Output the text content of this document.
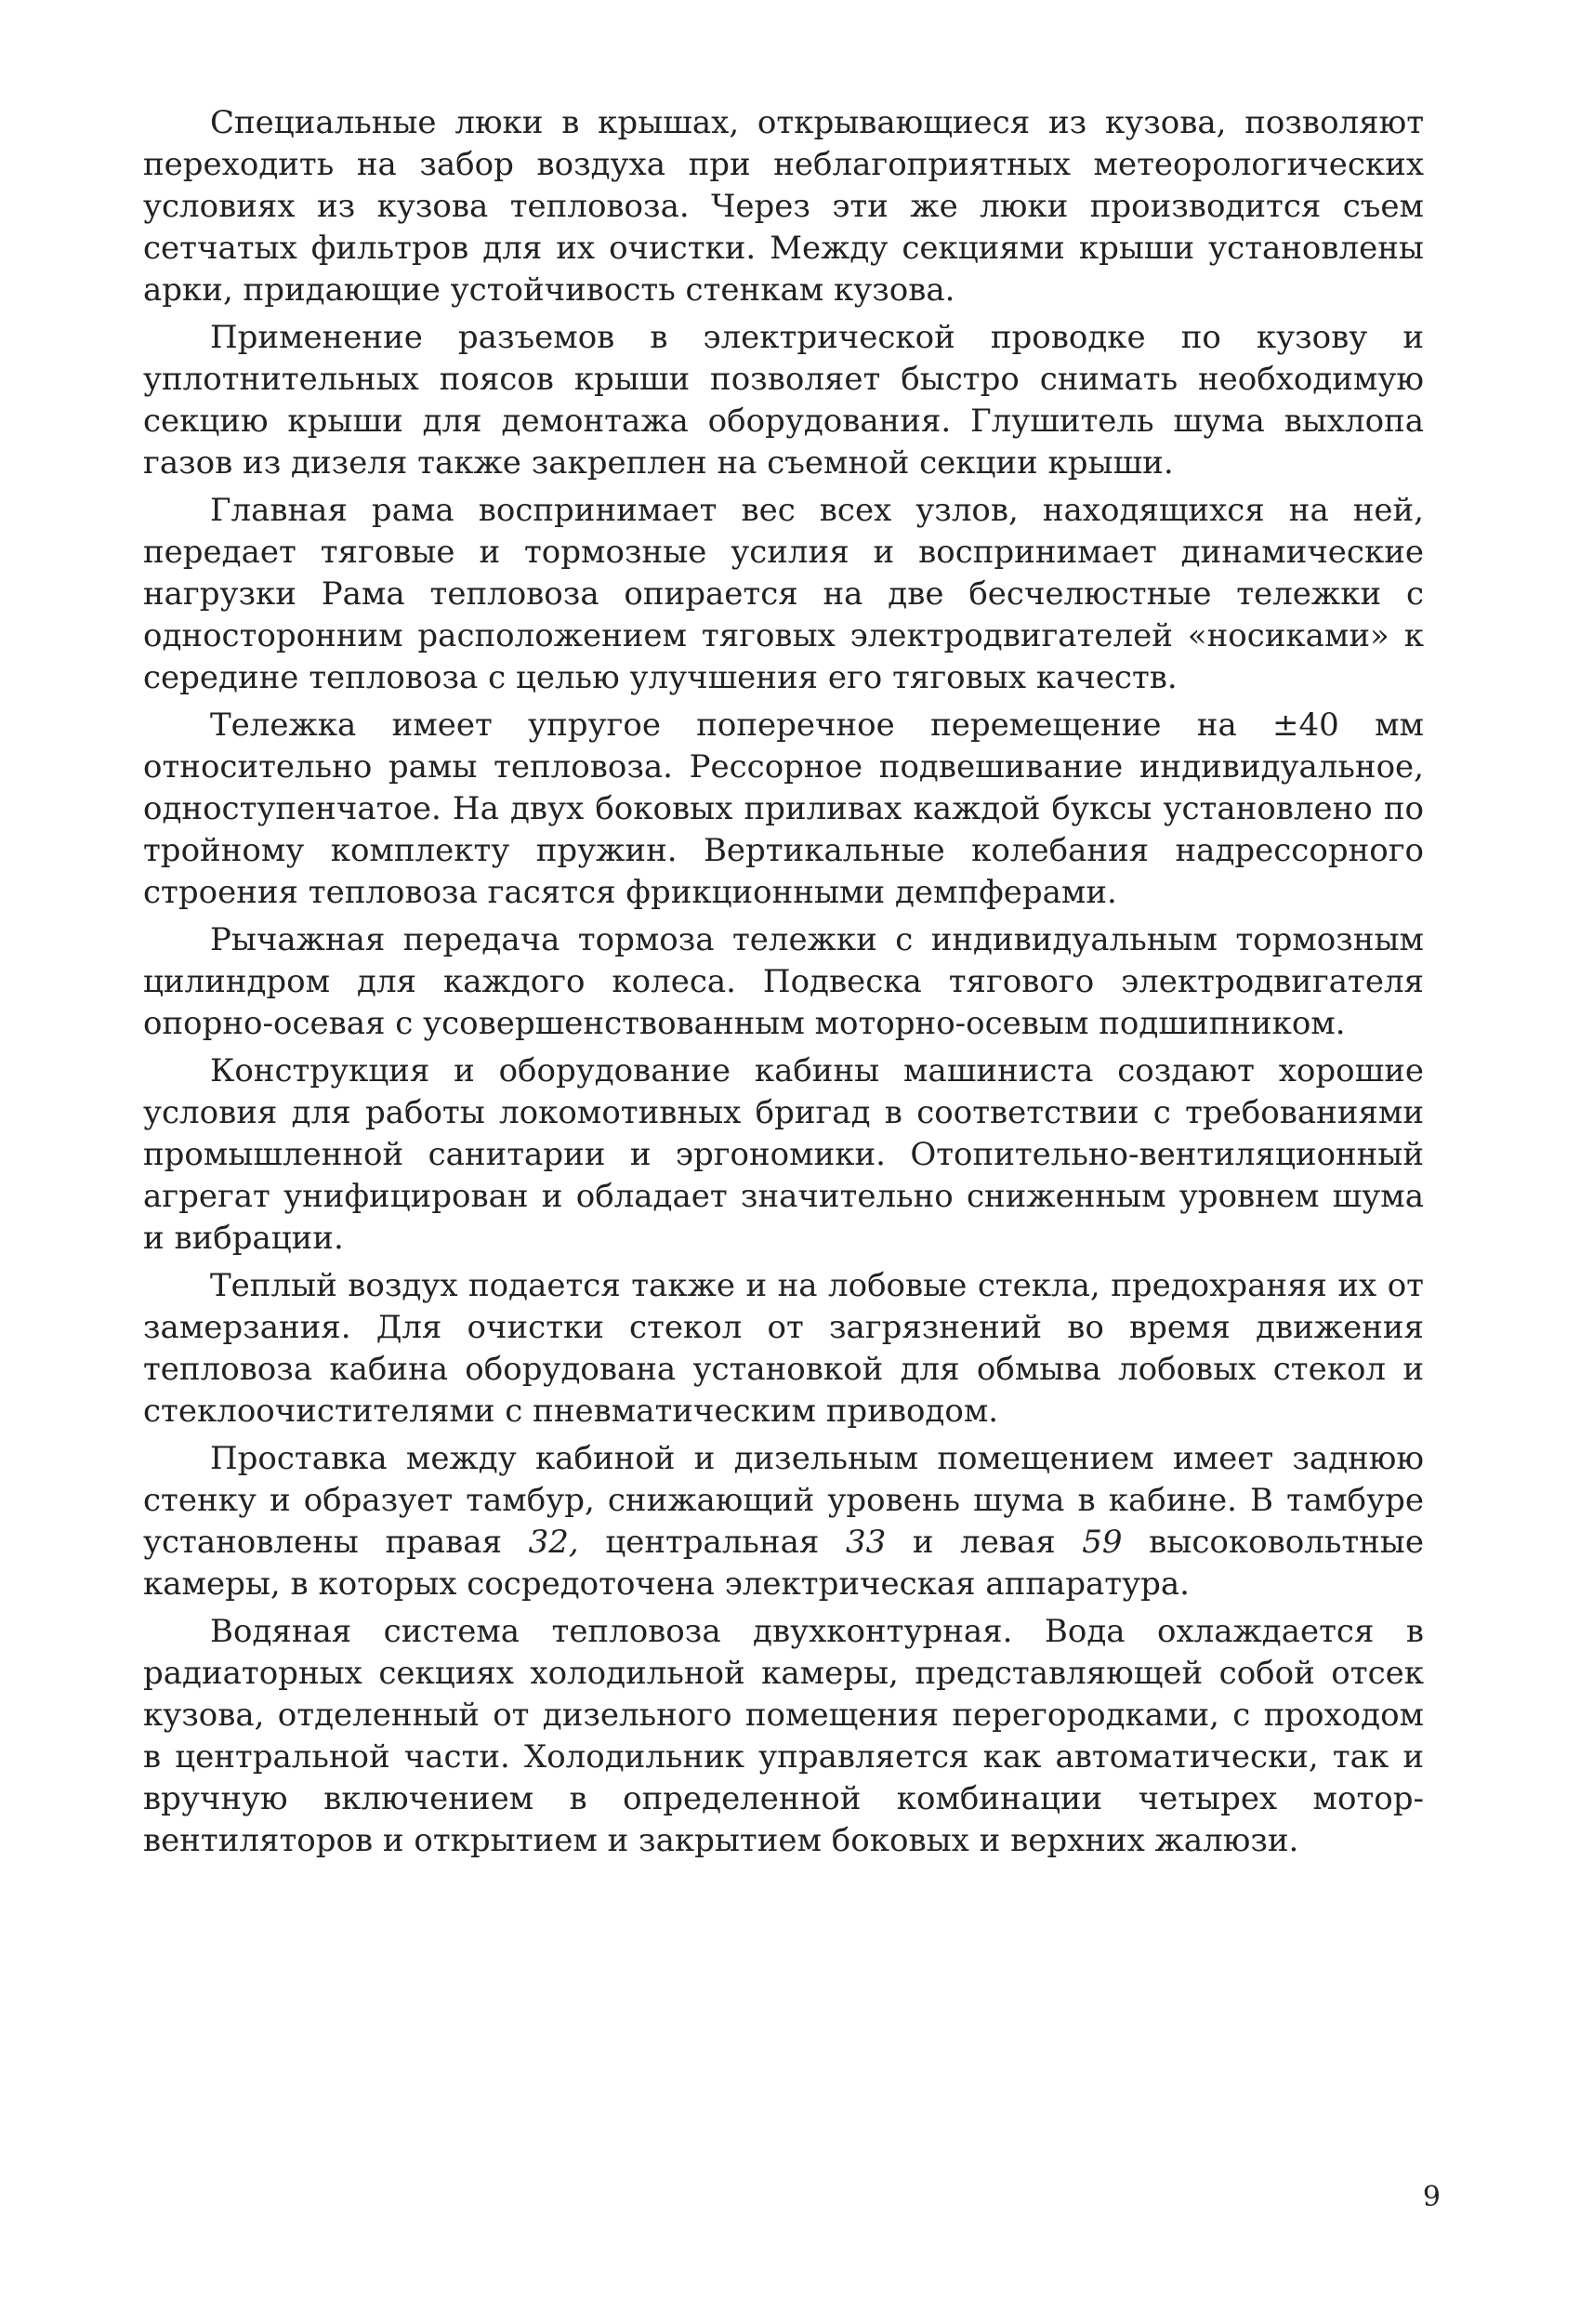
Специальные люки в крышах, открывающиеся из кузова, позволяют переходить на забор воздуха при неблагоприятных метеорологических условиях из кузова тепловоза. Через эти же люки производится съем сетчатых фильтров для их очистки. Между секциями крыши установлены арки, придающие устойчивость стенкам кузова.

Применение разъемов в электрической проводке по кузову и уплотнительных поясов крыши позволяет быстро снимать необходимую секцию крыши для демонтажа оборудования. Глушитель шума выхлопа газов из дизеля также закреплен на съемной секции крыши.

Главная рама воспринимает вес всех узлов, находящихся на ней, передает тяговые и тормозные усилия и воспринимает динамические нагрузки Рама тепловоза опирается на две бесчелюстные тележки с односторонним расположением тяговых электродвигателей «носиками» к середине тепловоза с целью улучшения его тяговых качеств.

Тележка имеет упругое поперечное перемещение на ±40 мм относительно рамы тепловоза. Рессорное подвешивание индивидуальное, одноступенчатое. На двух боковых приливах каждой буксы установлено по тройному комплекту пружин. Вертикальные колебания надрессорного строения тепловоза гасятся фрикционными демпферами.

Рычажная передача тормоза тележки с индивидуальным тормозным цилиндром для каждого колеса. Подвеска тягового электродвигателя опорно-осевая с усовершенствованным моторно-осевым подшипником.

Конструкция и оборудование кабины машиниста создают хорошие условия для работы локомотивных бригад в соответствии с требованиями промышленной санитарии и эргономики. Отопительно-вентиляционный агрегат унифицирован и обладает значительно сниженным уровнем шума и вибрации.

Теплый воздух подается также и на лобовые стекла, предохраняя их от замерзания. Для очистки стекол от загрязнений во время движения тепловоза кабина оборудована установкой для обмыва лобовых стекол и стеклоочистителями с пневматическим приводом.

Проставка между кабиной и дизельным помещением имеет заднюю стенку и образует тамбур, снижающий уровень шума в кабине. В тамбуре установлены правая 32, центральная 33 и левая 59 высоковольтные камеры, в которых сосредоточена электрическая аппаратура.

Водяная система тепловоза двухконтурная. Вода охлаждается в радиаторных секциях холодильной камеры, представляющей собой отсек кузова, отделенный от дизельного помещения перегородками, с проходом в центральной части. Холодильник управляется как автоматически, так и вручную включением в определенной комбинации четырех мотор-вентиляторов и открытием и закрытием боковых и верхних жалюзи.

9
